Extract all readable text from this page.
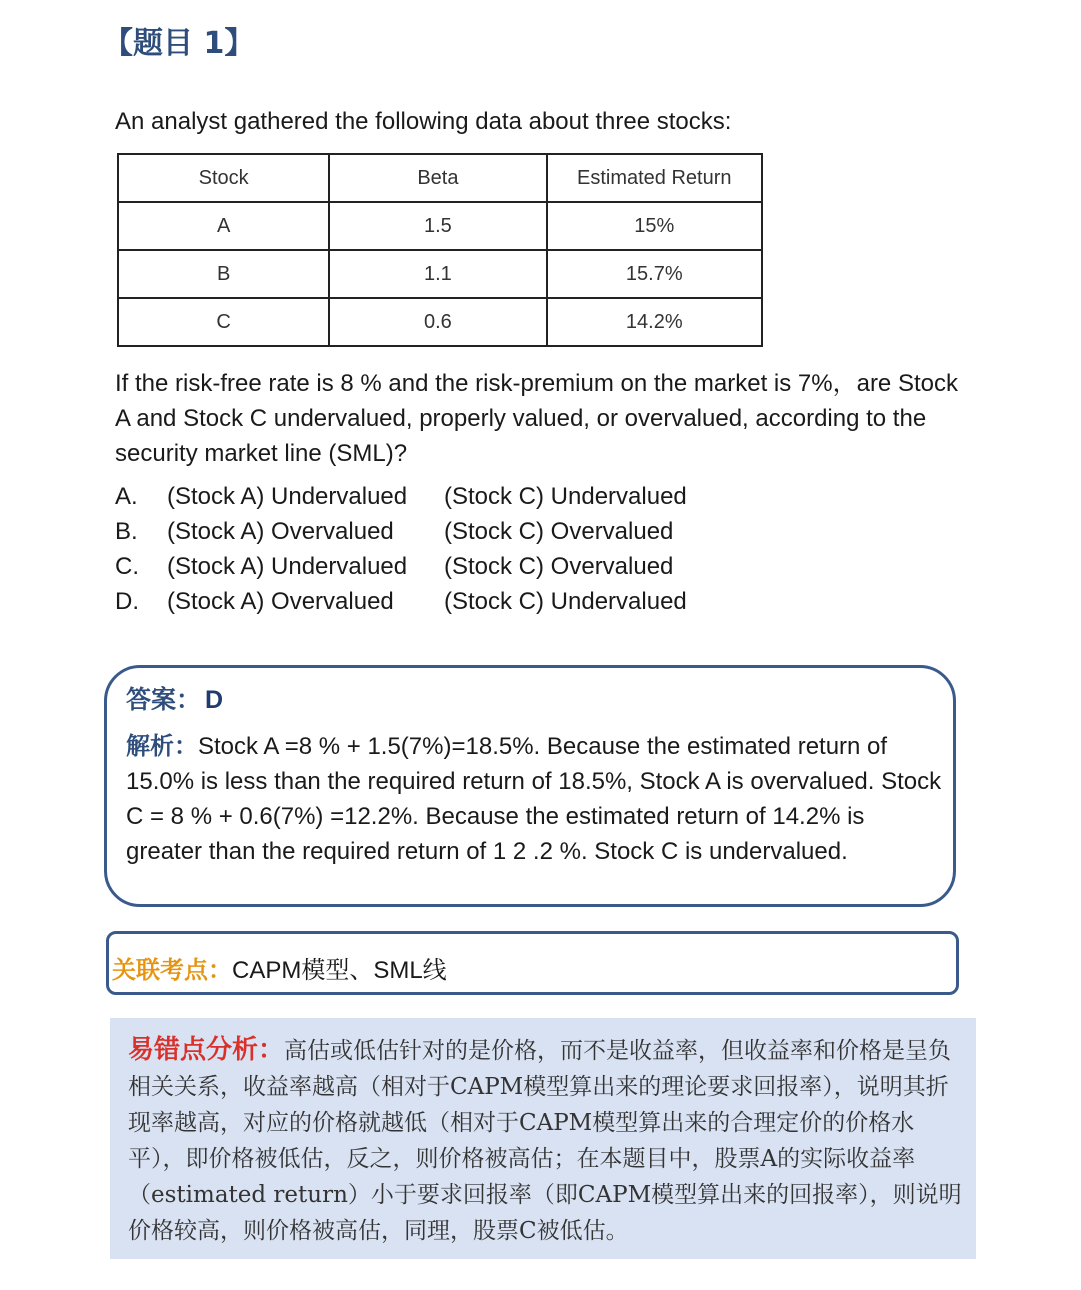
【题目 1】
An analyst gathered the following data about three stocks:
Stock	Beta	Estimated Return
A	1.5	15%
B	1.1	15.7%
C	0.6	14.2%
If the risk-free rate is 8 % and the risk-premium on the market is 7%，are Stock A and Stock C undervalued, properly valued, or overvalued, according to the security market line (SML)?
A.	(Stock A) Undervalued	(Stock C) Undervalued
B.	(Stock A) Overvalued	(Stock C) Overvalued
C.	(Stock A) Undervalued	(Stock C) Overvalued
D.	(Stock A) Overvalued	(Stock C) Undervalued
答案： D
解析：Stock A =8 % + 1.5(7%)=18.5%. Because the estimated return of 15.0% is less than the required return of 18.5%, Stock A is overvalued. Stock C = 8 % + 0.6(7%) =12.2%. Because the estimated return of 14.2% is greater than the required return of 1 2 .2 %. Stock C is undervalued.
关联考点：CAPM模型、SML线
易错点分析：高估或低估针对的是价格，而不是收益率，但收益率和价格是呈负相关关系，收益率越高（相对于CAPM模型算出来的理论要求回报率），说明其折现率越高，对应的价格就越低（相对于CAPM模型算出来的合理定价的价格水平），即价格被低估，反之，则价格被高估；在本题目中，股票A的实际收益率（estimated return）小于要求回报率（即CAPM模型算出来的回报率），则说明价格较高，则价格被高估，同理，股票C被低估。
